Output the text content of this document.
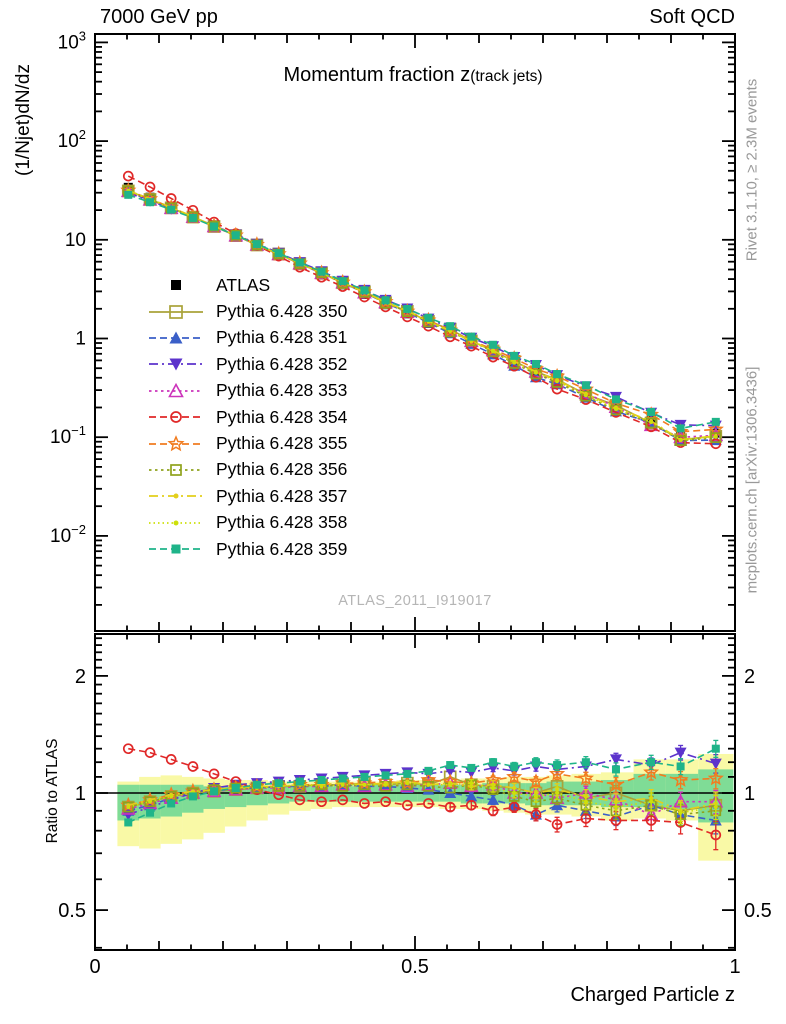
$10^3$
$10^2$
10
1
$10^{-1}$
$10^{-2}$
2	2
1	1
0.5	0.5
0	0.5	1
7000 GeV pp	Soft QCD
Momentum fraction z(track jets)
(1/Njet)dN/dz
Ratio to ATLAS
Charged Particle z
ATLAS_2011_I919017
Rivet 3.1.10, ≥ 2.3M events
mcplots.cern.ch [arXiv:1306.3436]
ATLAS
Pythia 6.428 350
Pythia 6.428 351
Pythia 6.428 352
Pythia 6.428 353
Pythia 6.428 354
Pythia 6.428 355
Pythia 6.428 356
Pythia 6.428 357
Pythia 6.428 358
Pythia 6.428 359
